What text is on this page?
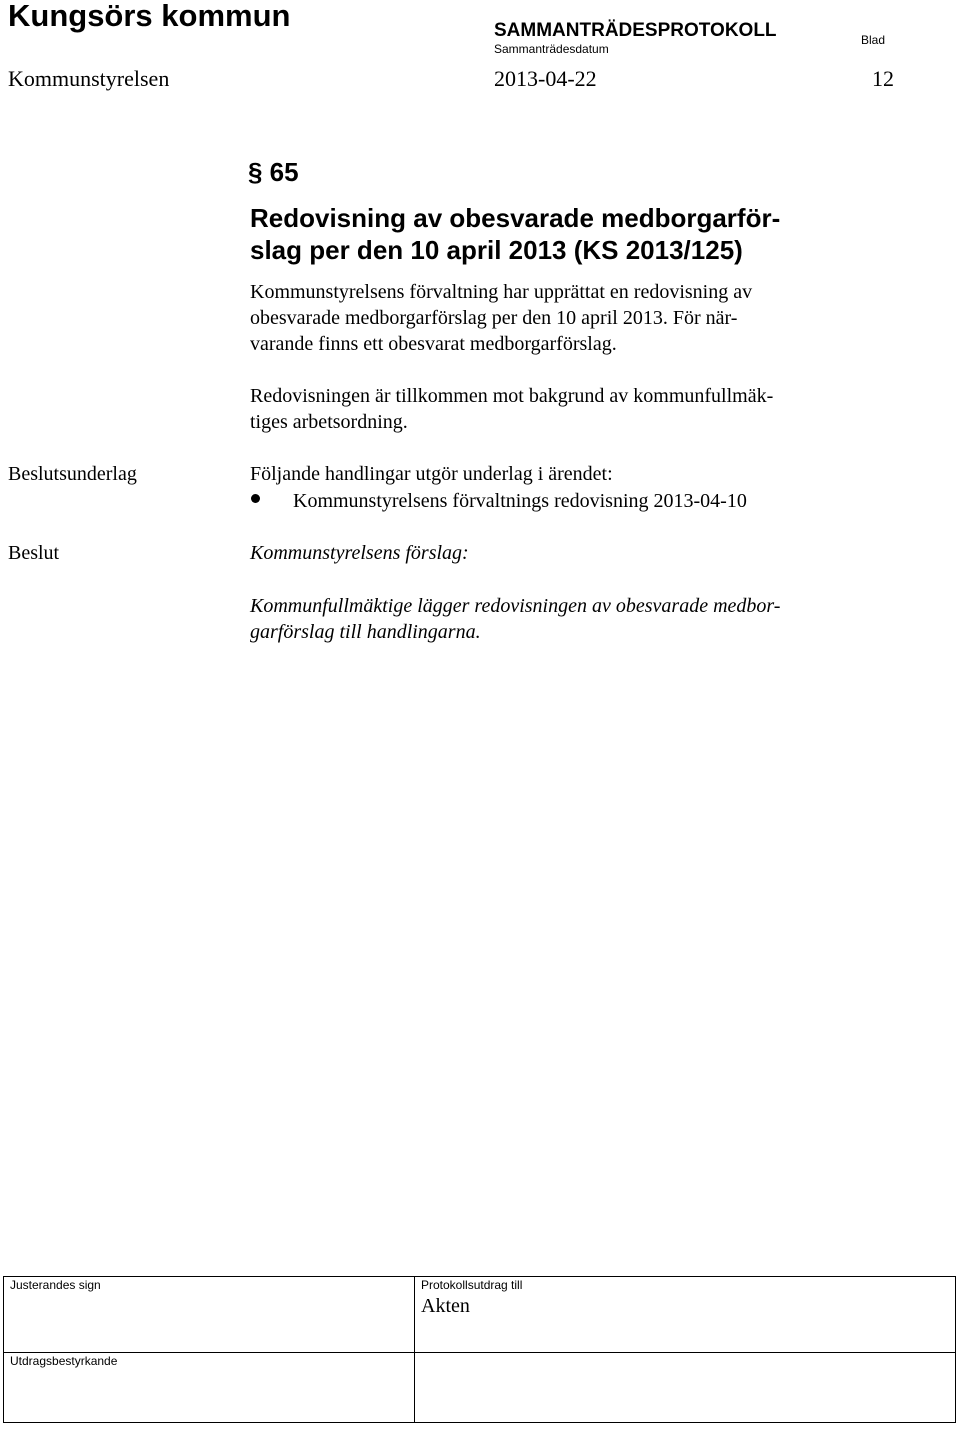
Kungsörs kommun	SAMMANTRÄDESPROTOKOLL
Sammanträdesdatum
Blad
Kommunstyrelsen	2013-04-22	12
§ 65
Redovisning av obesvarade medborgarför-
slag per den 10 april 2013 (KS 2013/125)
Kommunstyrelsens förvaltning har upprättat en redovisning av
obesvarade medborgarförslag per den 10 april 2013. För när-
varande finns ett obesvarat medborgarförslag.
Redovisningen är tillkommen mot bakgrund av kommunfullmäk-
tiges arbetsordning.
Beslutsunderlag	Följande handlingar utgör underlag i ärendet:
Kommunstyrelsens förvaltnings redovisning 2013-04-10
Beslut	Kommunstyrelsens förslag:
Kommunfullmäktige lägger redovisningen av obesvarade medbor-
garförslag till handlingarna.
Justerandes sign	Protokollsutdrag till
Akten
Utdragsbestyrkande
